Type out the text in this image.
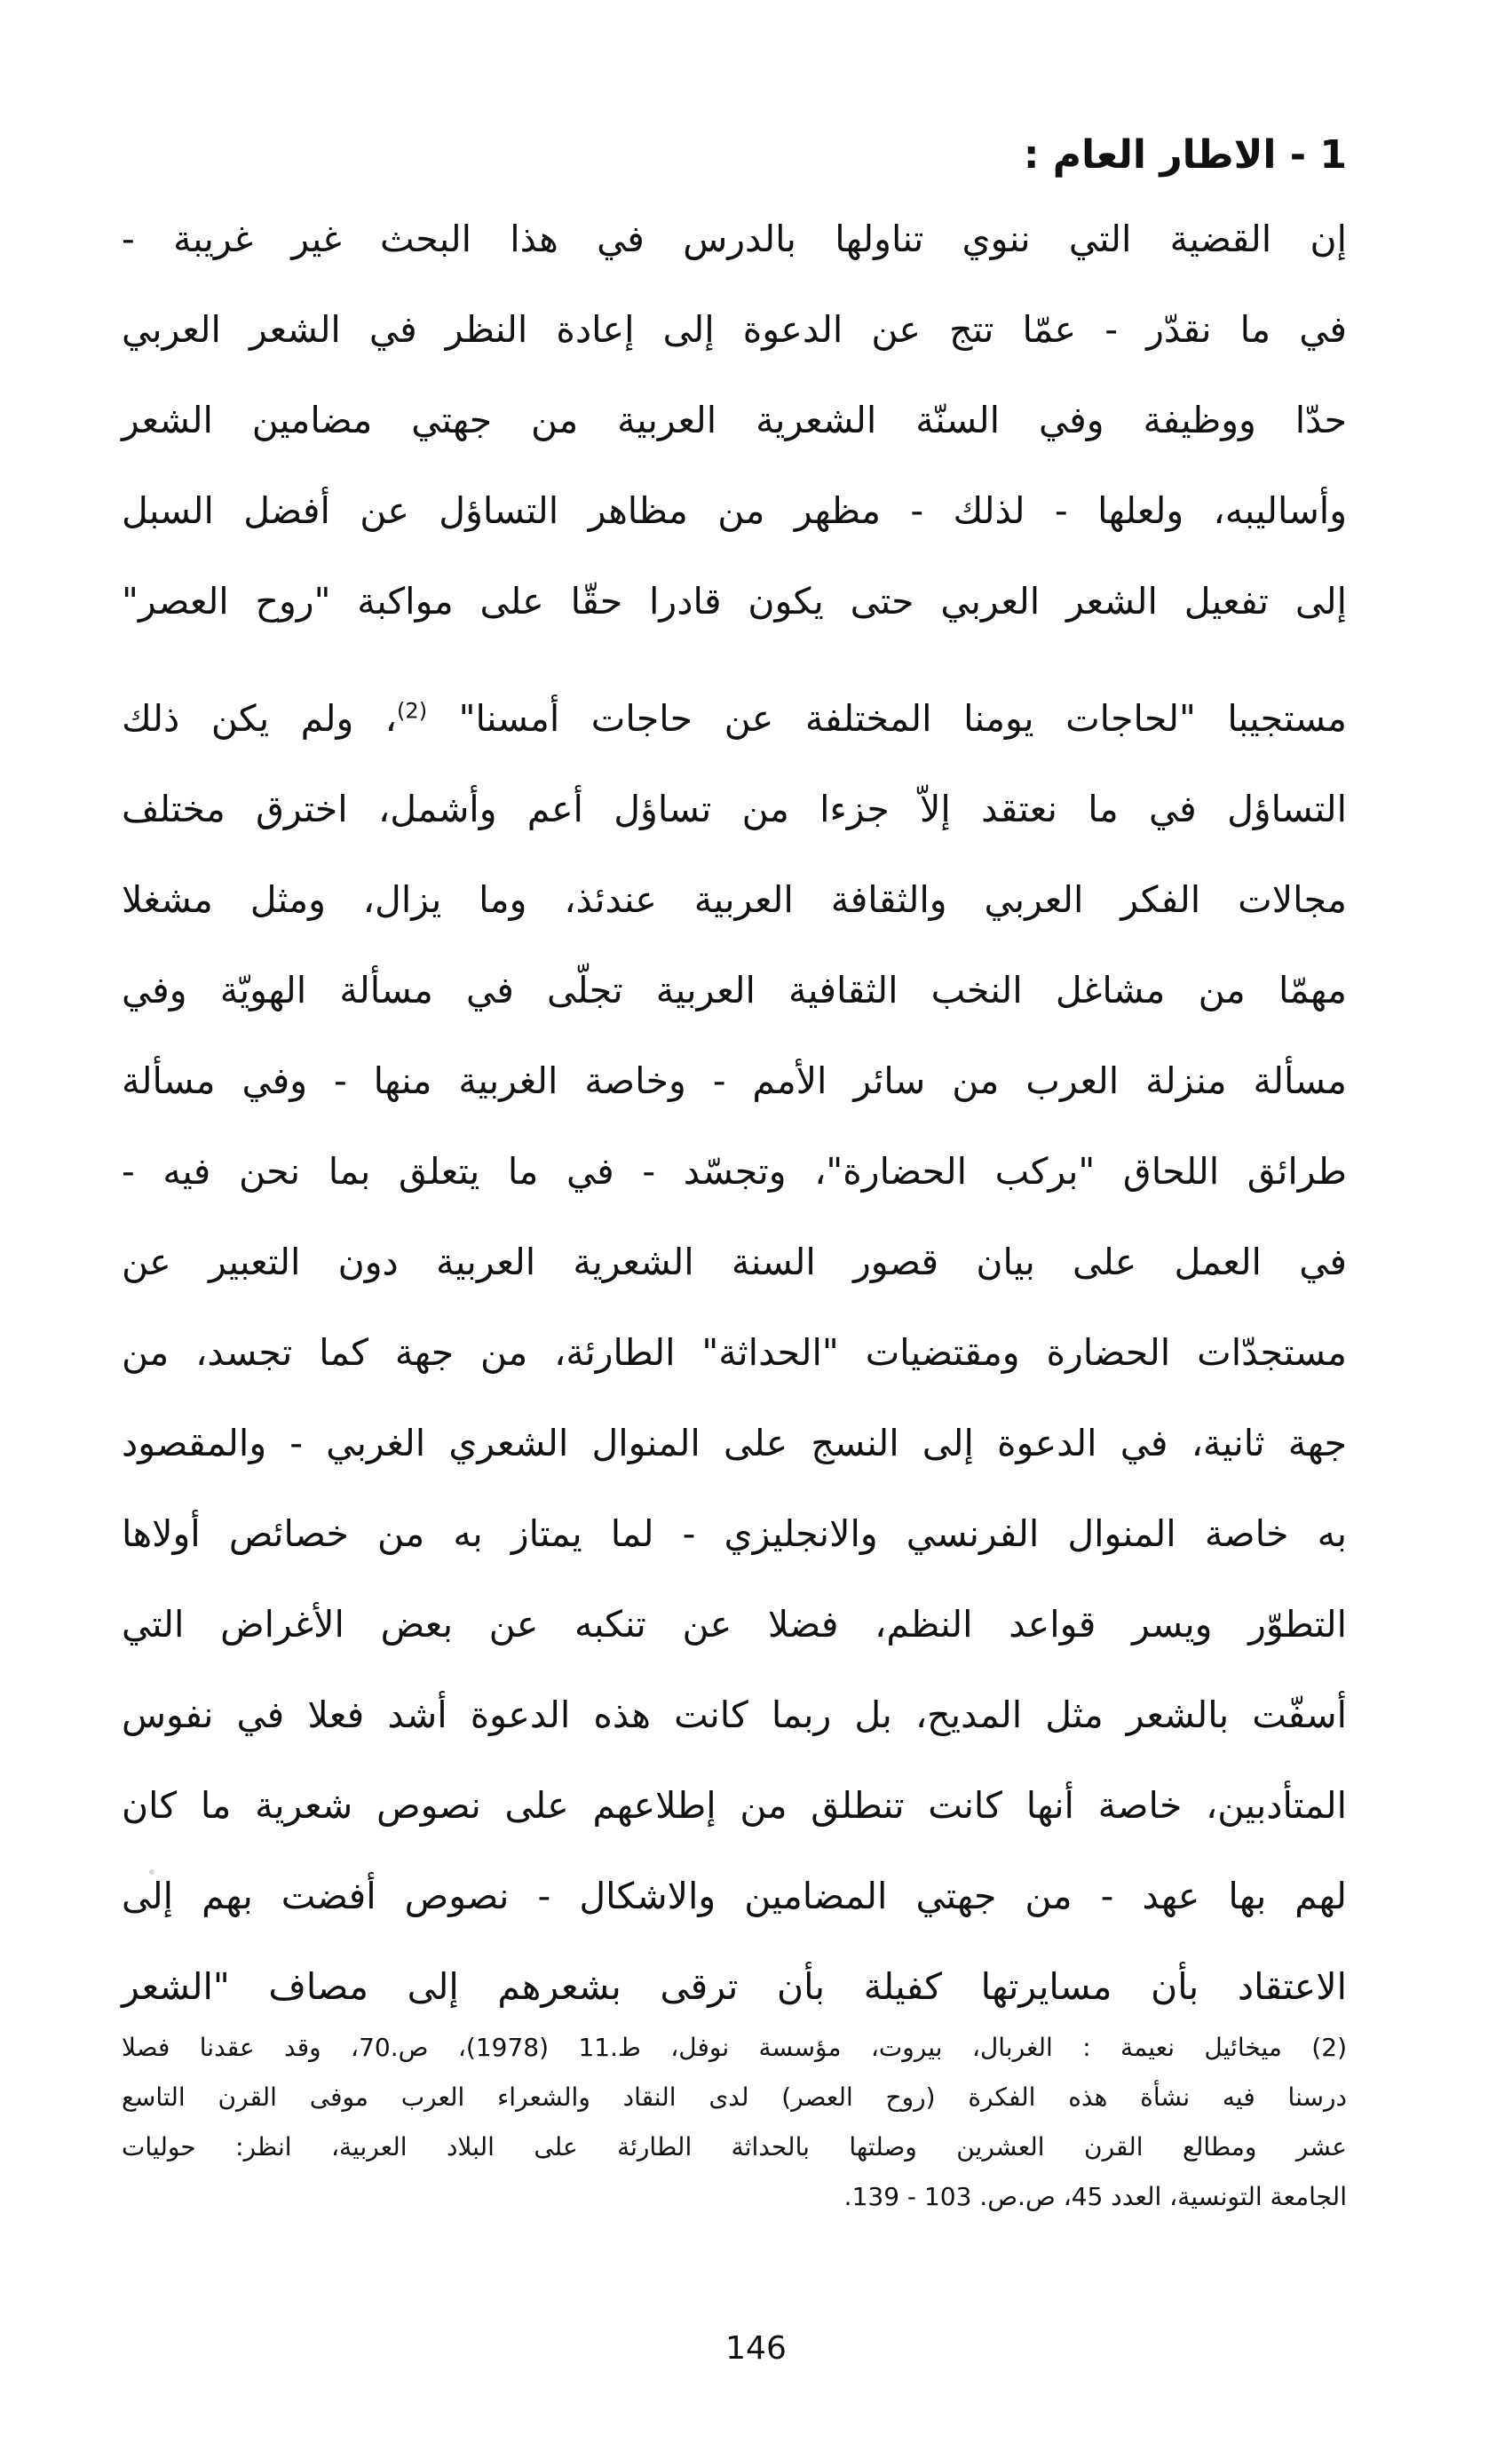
1 - الاطار العام :
إن القضية التي ننوي تناولها بالدرس في هذا البحث غير غريبة -
في ما نقدّر - عمّا تتج عن الدعوة إلى إعادة النظر في الشعر العربي
حدّا ووظيفة وفي السنّة الشعرية العربية من جهتي مضامين الشعر
وأساليبه، ولعلها - لذلك - مظهر من مظاهر التساؤل عن أفضل السبل
إلى تفعيل الشعر العربي حتى يكون قادرا حقّا على مواكبة "روح العصر"
مستجيبا "لحاجات يومنا المختلفة عن حاجات أمسنا" $^{(2)}$، ولم يكن ذلك
التساؤل في ما نعتقد إلاّ جزءا من تساؤل أعم وأشمل، اخترق مختلف
مجالات الفكر العربي والثقافة العربية عندئذ، وما يزال، ومثل مشغلا
مهمّا من مشاغل النخب الثقافية العربية تجلّى في مسألة الهويّة وفي
مسألة منزلة العرب من سائر الأمم - وخاصة الغربية منها - وفي مسألة
طرائق اللحاق "بركب الحضارة"، وتجسّد - في ما يتعلق بما نحن فيه -
في العمل على بيان قصور السنة الشعرية العربية دون التعبير عن
مستجدّات الحضارة ومقتضيات "الحداثة" الطارئة، من جهة كما تجسد، من
جهة ثانية، في الدعوة إلى النسج على المنوال الشعري الغربي - والمقصود
به خاصة المنوال الفرنسي والانجليزي - لما يمتاز به من خصائص أولاها
التطوّر ويسر قواعد النظم، فضلا عن تنكبه عن بعض الأغراض التي
أسفّت بالشعر مثل المديح، بل ربما كانت هذه الدعوة أشد فعلا في نفوس
المتأدبين، خاصة أنها كانت تنطلق من إطلاعهم على نصوص شعرية ما كان
لهم بها عهد - من جهتي المضامين والاشكال - نصوص أفضت بهم إلى
الاعتقاد بأن مسايرتها كفيلة بأن ترقى بشعرهم إلى مصاف "الشعر
(2) ميخائيل نعيمة : الغربال، بيروت، مؤسسة نوفل، ط.11 (1978)، ص.70، وقد عقدنا فصلا
درسنا فيه نشأة هذه الفكرة (روح العصر) لدى النقاد والشعراء العرب موفى القرن التاسع
عشر ومطالع القرن العشرين وصلتها بالحداثة الطارئة على البلاد العربية، انظر: حوليات
الجامعة التونسية، العدد 45، ص.ص. 103 - 139.
146
